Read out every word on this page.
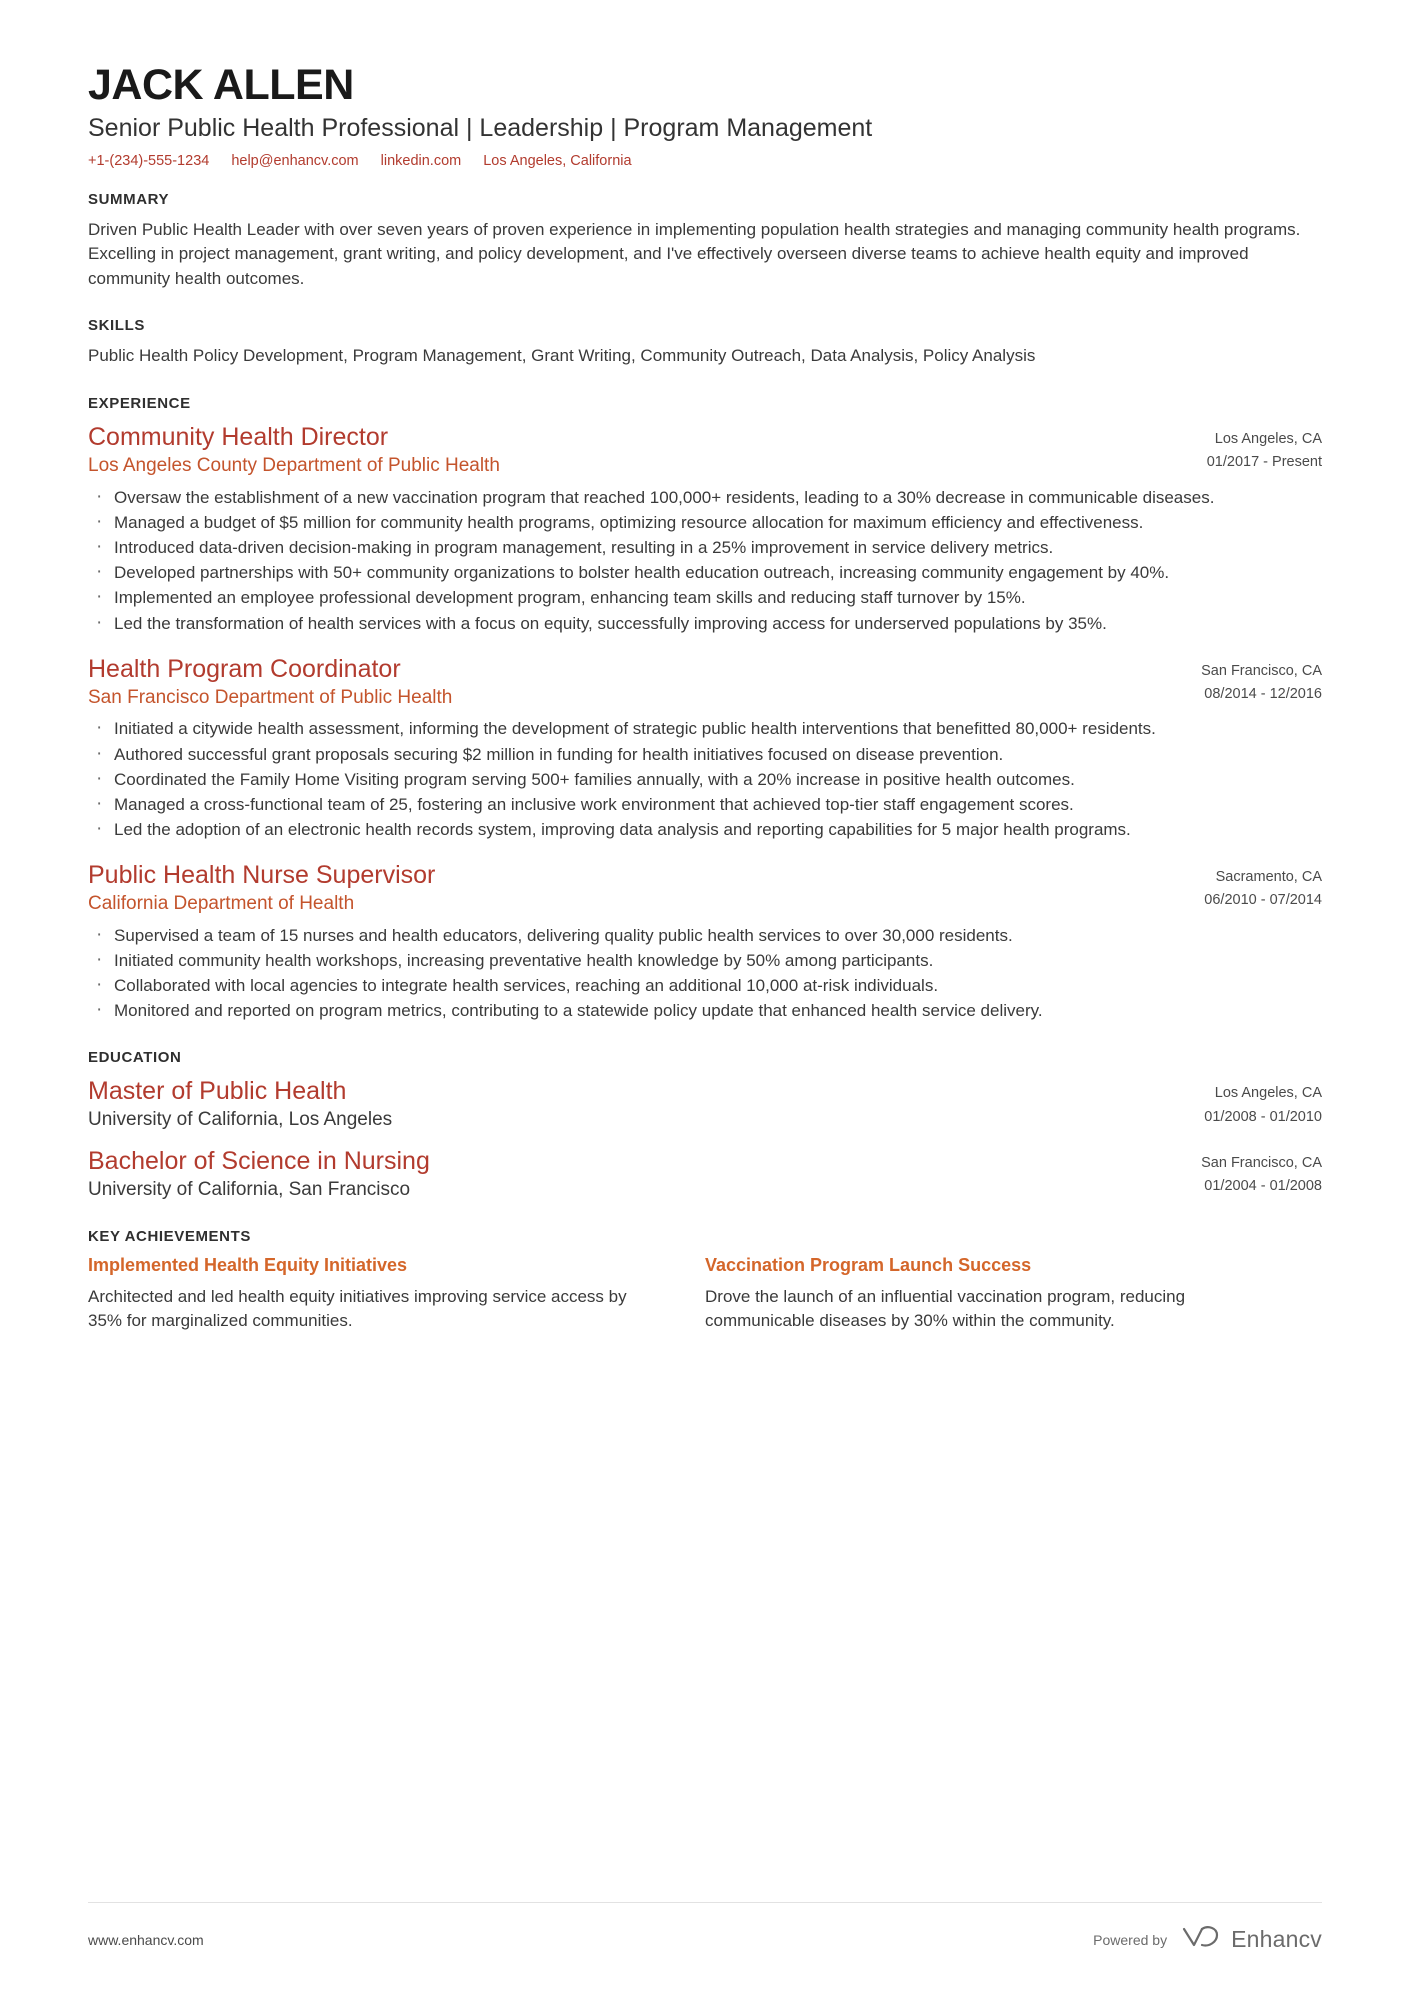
JACK ALLEN
Senior Public Health Professional | Leadership | Program Management
+1-(234)-555-1234 help@enhancv.com linkedin.com Los Angeles, California
SUMMARY
Driven Public Health Leader with over seven years of proven experience in implementing population health strategies and managing community health programs. Excelling in project management, grant writing, and policy development, and I've effectively overseen diverse teams to achieve health equity and improved community health outcomes.
SKILLS
Public Health Policy Development, Program Management, Grant Writing, Community Outreach, Data Analysis, Policy Analysis
EXPERIENCE
Community Health Director
Los Angeles County Department of Public Health
Los Angeles, CA
01/2017 - Present
· Oversaw the establishment of a new vaccination program that reached 100,000+ residents, leading to a 30% decrease in communicable diseases.
· Managed a budget of $5 million for community health programs, optimizing resource allocation for maximum efficiency and effectiveness.
· Introduced data-driven decision-making in program management, resulting in a 25% improvement in service delivery metrics.
· Developed partnerships with 50+ community organizations to bolster health education outreach, increasing community engagement by 40%.
· Implemented an employee professional development program, enhancing team skills and reducing staff turnover by 15%.
· Led the transformation of health services with a focus on equity, successfully improving access for underserved populations by 35%.
Health Program Coordinator
San Francisco Department of Public Health
San Francisco, CA
08/2014 - 12/2016
· Initiated a citywide health assessment, informing the development of strategic public health interventions that benefitted 80,000+ residents.
· Authored successful grant proposals securing $2 million in funding for health initiatives focused on disease prevention.
· Coordinated the Family Home Visiting program serving 500+ families annually, with a 20% increase in positive health outcomes.
· Managed a cross-functional team of 25, fostering an inclusive work environment that achieved top-tier staff engagement scores.
· Led the adoption of an electronic health records system, improving data analysis and reporting capabilities for 5 major health programs.
Public Health Nurse Supervisor
California Department of Health
Sacramento, CA
06/2010 - 07/2014
· Supervised a team of 15 nurses and health educators, delivering quality public health services to over 30,000 residents.
· Initiated community health workshops, increasing preventative health knowledge by 50% among participants.
· Collaborated with local agencies to integrate health services, reaching an additional 10,000 at-risk individuals.
· Monitored and reported on program metrics, contributing to a statewide policy update that enhanced health service delivery.
EDUCATION
Master of Public Health
University of California, Los Angeles
Los Angeles, CA
01/2008 - 01/2010
Bachelor of Science in Nursing
University of California, San Francisco
San Francisco, CA
01/2004 - 01/2008
KEY ACHIEVEMENTS
Implemented Health Equity Initiatives
Architected and led health equity initiatives improving service access by 35% for marginalized communities.
Vaccination Program Launch Success
Drove the launch of an influential vaccination program, reducing communicable diseases by 30% within the community.
www.enhancv.com	Powered by	Enhancv
